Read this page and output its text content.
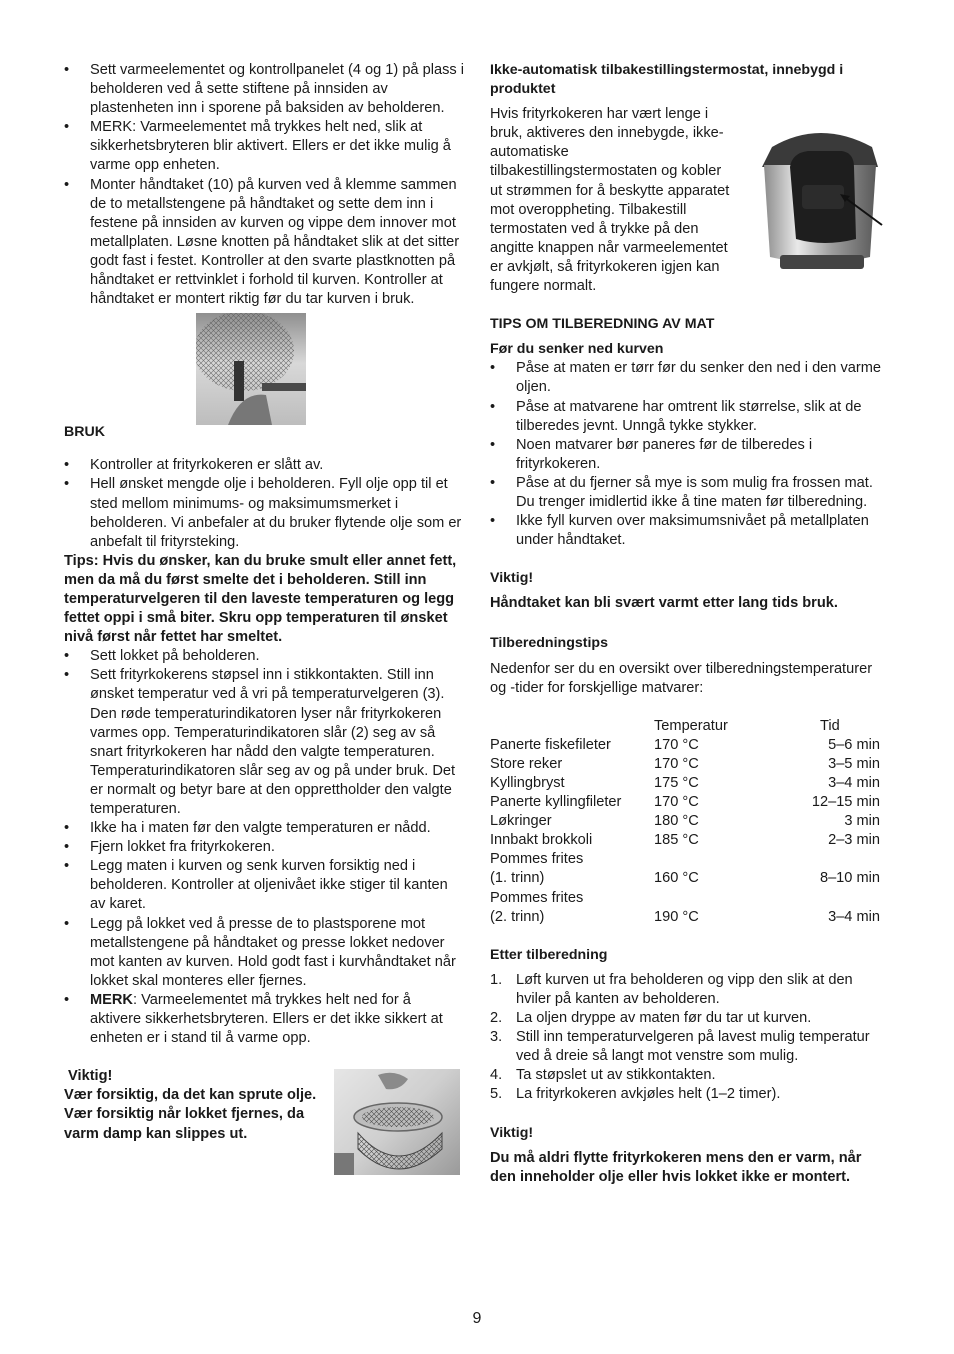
• Sett varmeelementet og kontrollpanelet (4 og 1) på plass i beholderen ved å sette stiftene på innsiden av plastenheten inn i sporene på baksiden av beholderen.
• MERK: Varmeelementet må trykkes helt ned, slik at sikkerhetsbryteren blir aktivert. Ellers er det ikke mulig å varme opp enheten.
• Monter håndtaket (10) på kurven ved å klemme sammen de to metallstengene på håndtaket og sette dem inn i festene på innsiden av kurven og vippe dem innover mot metallplaten. Løsne knotten på håndtaket slik at det sitter godt fast i festet. Kontroller at den svarte plastknotten på håndtaket er rettvinklet i forhold til kurven. Kontroller at håndtaket er montert riktig før du tar kurven i bruk.
BRUK
• Kontroller at frityrkokeren er slått av.
• Hell ønsket mengde olje i beholderen. Fyll olje opp til et sted mellom minimums- og maksimumsmerket i beholderen. Vi anbefaler at du bruker flytende olje som er anbefalt til frityrsteking.

Tips: Hvis du ønsker, kan du bruke smult eller annet fett, men da må du først smelte det i beholderen. Still inn temperaturvelgeren til den laveste temperaturen og legg fettet oppi i små biter. Skru opp temperaturen til ønsket nivå først når fettet har smeltet.

• Sett lokket på beholderen.
• Sett frityrkokerens støpsel inn i stikkontakten. Still inn ønsket temperatur ved å vri på temperaturvelgeren (3). Den røde temperaturindikatoren lyser når frityrkokeren varmes opp. Temperaturindikatoren slår (2) seg av så snart frityrkokeren har nådd den valgte temperaturen. Temperaturindikatoren slår seg av og på under bruk. Det er normalt og betyr bare at den opprettholder den valgte temperaturen.
• Ikke ha i maten før den valgte temperaturen er nådd.
• Fjern lokket fra frityrkokeren.
• Legg maten i kurven og senk kurven forsiktig ned i beholderen. Kontroller at oljenivået ikke stiger til kanten av karet.
• Legg på lokket ved å presse de to plastsporene mot metallstengene på håndtaket og presse lokket nedover mot kanten av kurven. Hold godt fast i kurvhåndtaket når lokket skal monteres eller fjernes.
• MERK: Varmeelementet må trykkes helt ned for å aktivere sikkerhetsbryteren. Ellers er det ikke sikkert at enheten er i stand til å varme opp.
Viktig!

Vær forsiktig, da det kan sprute olje. Vær forsiktig når lokket fjernes, da varm damp kan slippes ut.

Ikke-automatisk tilbakestillingstermostat, innebygd i produktet

Hvis frityrkokeren har vært lenge i bruk, aktiveres den innebygde, ikke-automatiske tilbakestillingstermostaten og kobler ut strømmen for å beskytte apparatet mot overoppheting. Tilbakestill termostaten ved å trykke på den angitte knappen når varmeelementet er avkjølt, så frityrkokeren igjen kan fungere normalt.

TIPS OM TILBEREDNING AV MAT
Før du senker ned kurven
• Påse at maten er tørr før du senker den ned i den varme oljen.
• Påse at matvarene har omtrent lik størrelse, slik at de tilberedes jevnt. Unngå tykke stykker.
• Noen matvarer bør paneres før de tilberedes i frityrkokeren.
• Påse at du fjerner så mye is som mulig fra frossen mat. Du trenger imidlertid ikke å tine maten før tilberedning.
• Ikke fyll kurven over maksimumsnivået på metallplaten under håndtaket.
Viktig!
Håndtaket kan bli svært varmt etter lang tids bruk.
Tilberedningstips

Nedenfor ser du en oversikt over tilberedningstemperaturer og -tider for forskjellige matvarer:

	Temperatur	Tid
Panerte fiskefileter	170 °C	5–6 min
Store reker	170 °C	3–5 min
Kyllingbryst	175 °C	3–4 min
Panerte kyllingfileter	170 °C	12–15 min
Løkringer	180 °C	3 min
Innbakt brokkoli	185 °C	2–3 min
Pommes frites		
(1. trinn)	160 °C	8–10 min
Pommes frites		
(2. trinn)	190 °C	3–4 min
Etter tilberedning
1. Løft kurven ut fra beholderen og vipp den slik at den hviler på kanten av beholderen.
2. La oljen dryppe av maten før du tar ut kurven.
3. Still inn temperaturvelgeren på lavest mulig temperatur ved å dreie så langt mot venstre som mulig.
4. Ta støpslet ut av stikkontakten.
5. La frityrkokeren avkjøles helt (1–2 timer).
Viktig!

Du må aldri flytte frityrkokeren mens den er varm, når den inneholder olje eller hvis lokket ikke er montert.

9
